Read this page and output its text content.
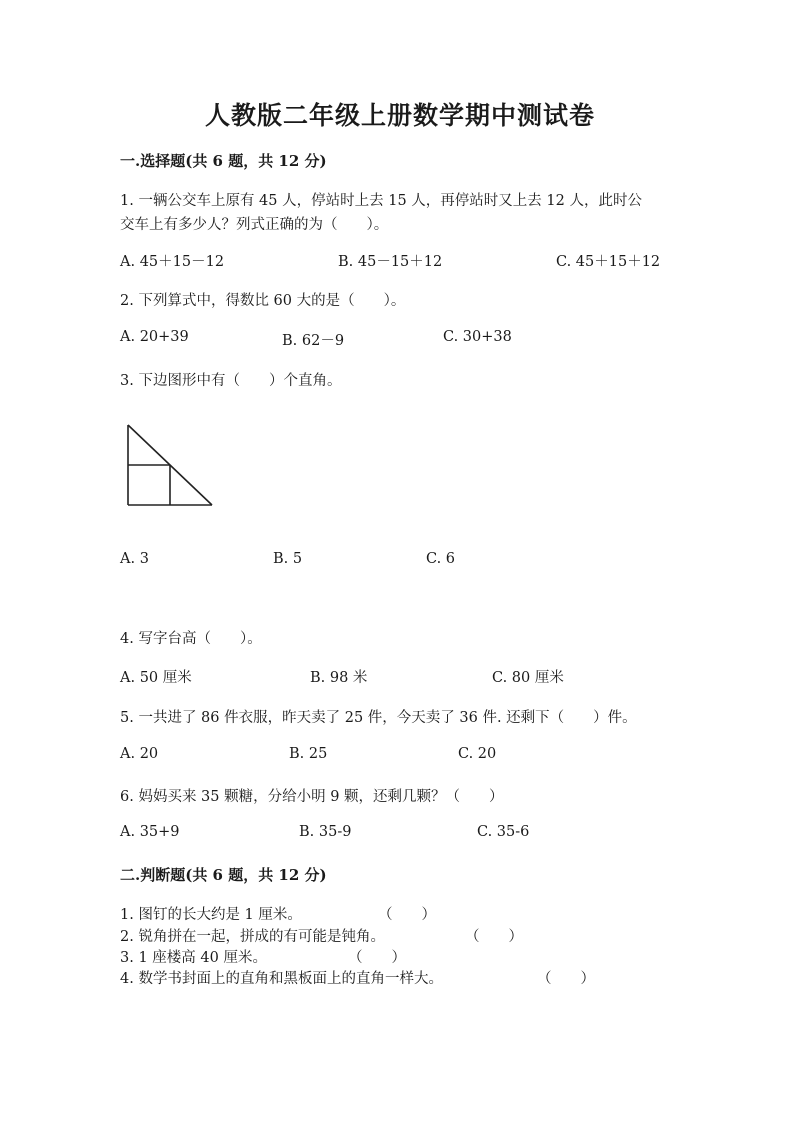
人教版二年级上册数学期中测试卷
一.选择题(共 6 题，共 12 分)
1. 一辆公交车上原有 45 人，停站时上去 15 人，再停站时又上去 12 人，此时公
交车上有多少人？列式正确的为（　　）。
A. 45＋15－12	B. 45－15＋12	C. 45＋15＋12
2. 下列算式中，得数比 60 大的是（　　）。
A. 20+39	B. 62－9	C. 30+38
3. 下边图形中有（　　）个直角。
A. 3	B. 5	C. 6
4. 写字台高（　　）。
A. 50 厘米	B. 98 米	C. 80 厘米
5. 一共进了 86 件衣服，昨天卖了 25 件，今天卖了 36 件. 还剩下（　　）件。
A. 20	B. 25	C. 20
6. 妈妈买来 35 颗糖，分给小明 9 颗，还剩几颗？（　　）
A. 35+9	B. 35-9	C. 35-6
二.判断题(共 6 题，共 12 分)
1. 图钉的长大约是 1 厘米。	（　　）
2. 锐角拼在一起，拼成的有可能是钝角。	（　　）
3. 1 座楼高 40 厘米。	（　　）
4. 数学书封面上的直角和黑板面上的直角一样大。	（　　）
